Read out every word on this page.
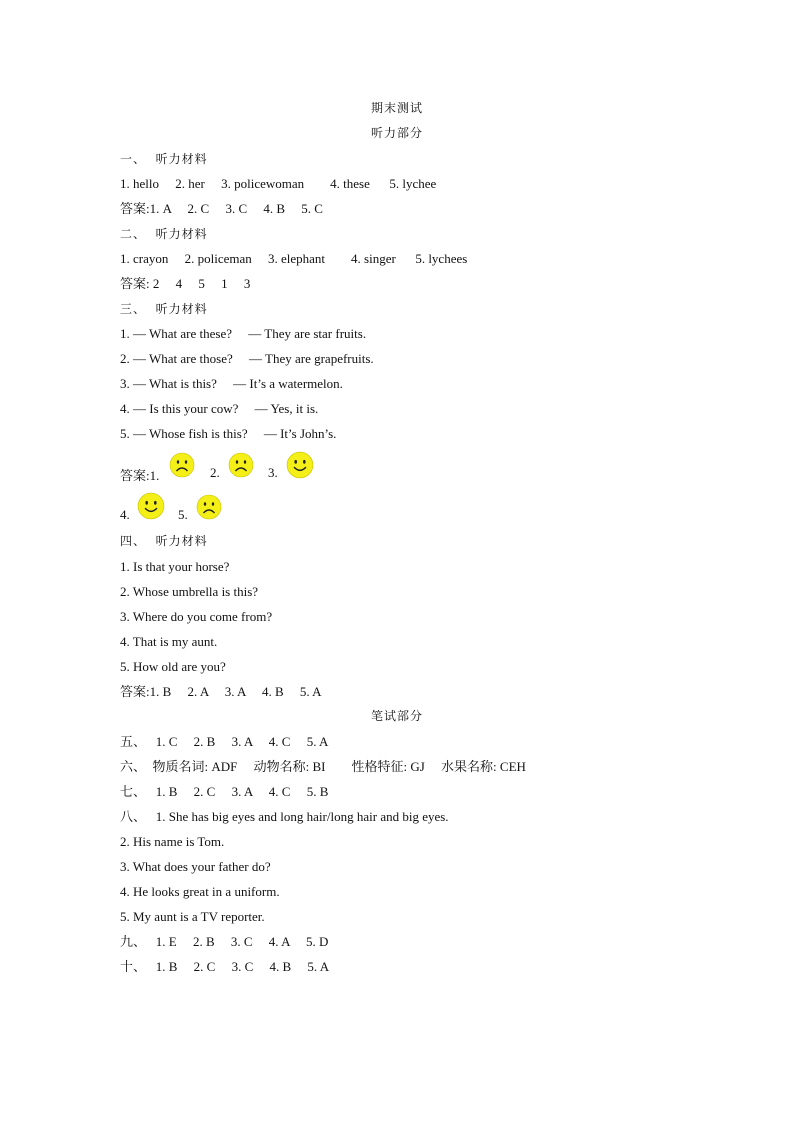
期末测试
听力部分
一、  听力材料
1. hello     2. her     3. policewoman        4. these      5. lychee
答案:1. A     2. C     3. C     4. B     5. C
二、  听力材料
1. crayon     2. policeman     3. elephant        4. singer      5. lychees
答案: 2     4     5     1     3
三、  听力材料
1. — What are these?     — They are star fruits.
2. — What are those?     — They are grapefruits.
3. — What is this?     — It’s a watermelon.
4. — Is this your cow?     — Yes, it is.
5. — Whose fish is this?     — It’s John’s.
答案:1.	2.	3.
4.	5.
四、  听力材料
1. Is that your horse?
2. Whose umbrella is this?
3. Where do you come from?
4. That is my aunt.
5. How old are you?
答案:1. B     2. A     3. A     4. B     5. A
笔试部分
五、   1. C     2. B     3. A     4. C     5. A
六、  物质名词: ADF     动物名称: BI        性格特征: GJ     水果名称: CEH
七、   1. B     2. C     3. A     4. C     5. B
八、   1. She has big eyes and long hair/long hair and big eyes.
2. His name is Tom.
3. What does your father do?
4. He looks great in a uniform.
5. My aunt is a TV reporter.
九、   1. E     2. B     3. C     4. A     5. D
十、   1. B     2. C     3. C     4. B     5. A
